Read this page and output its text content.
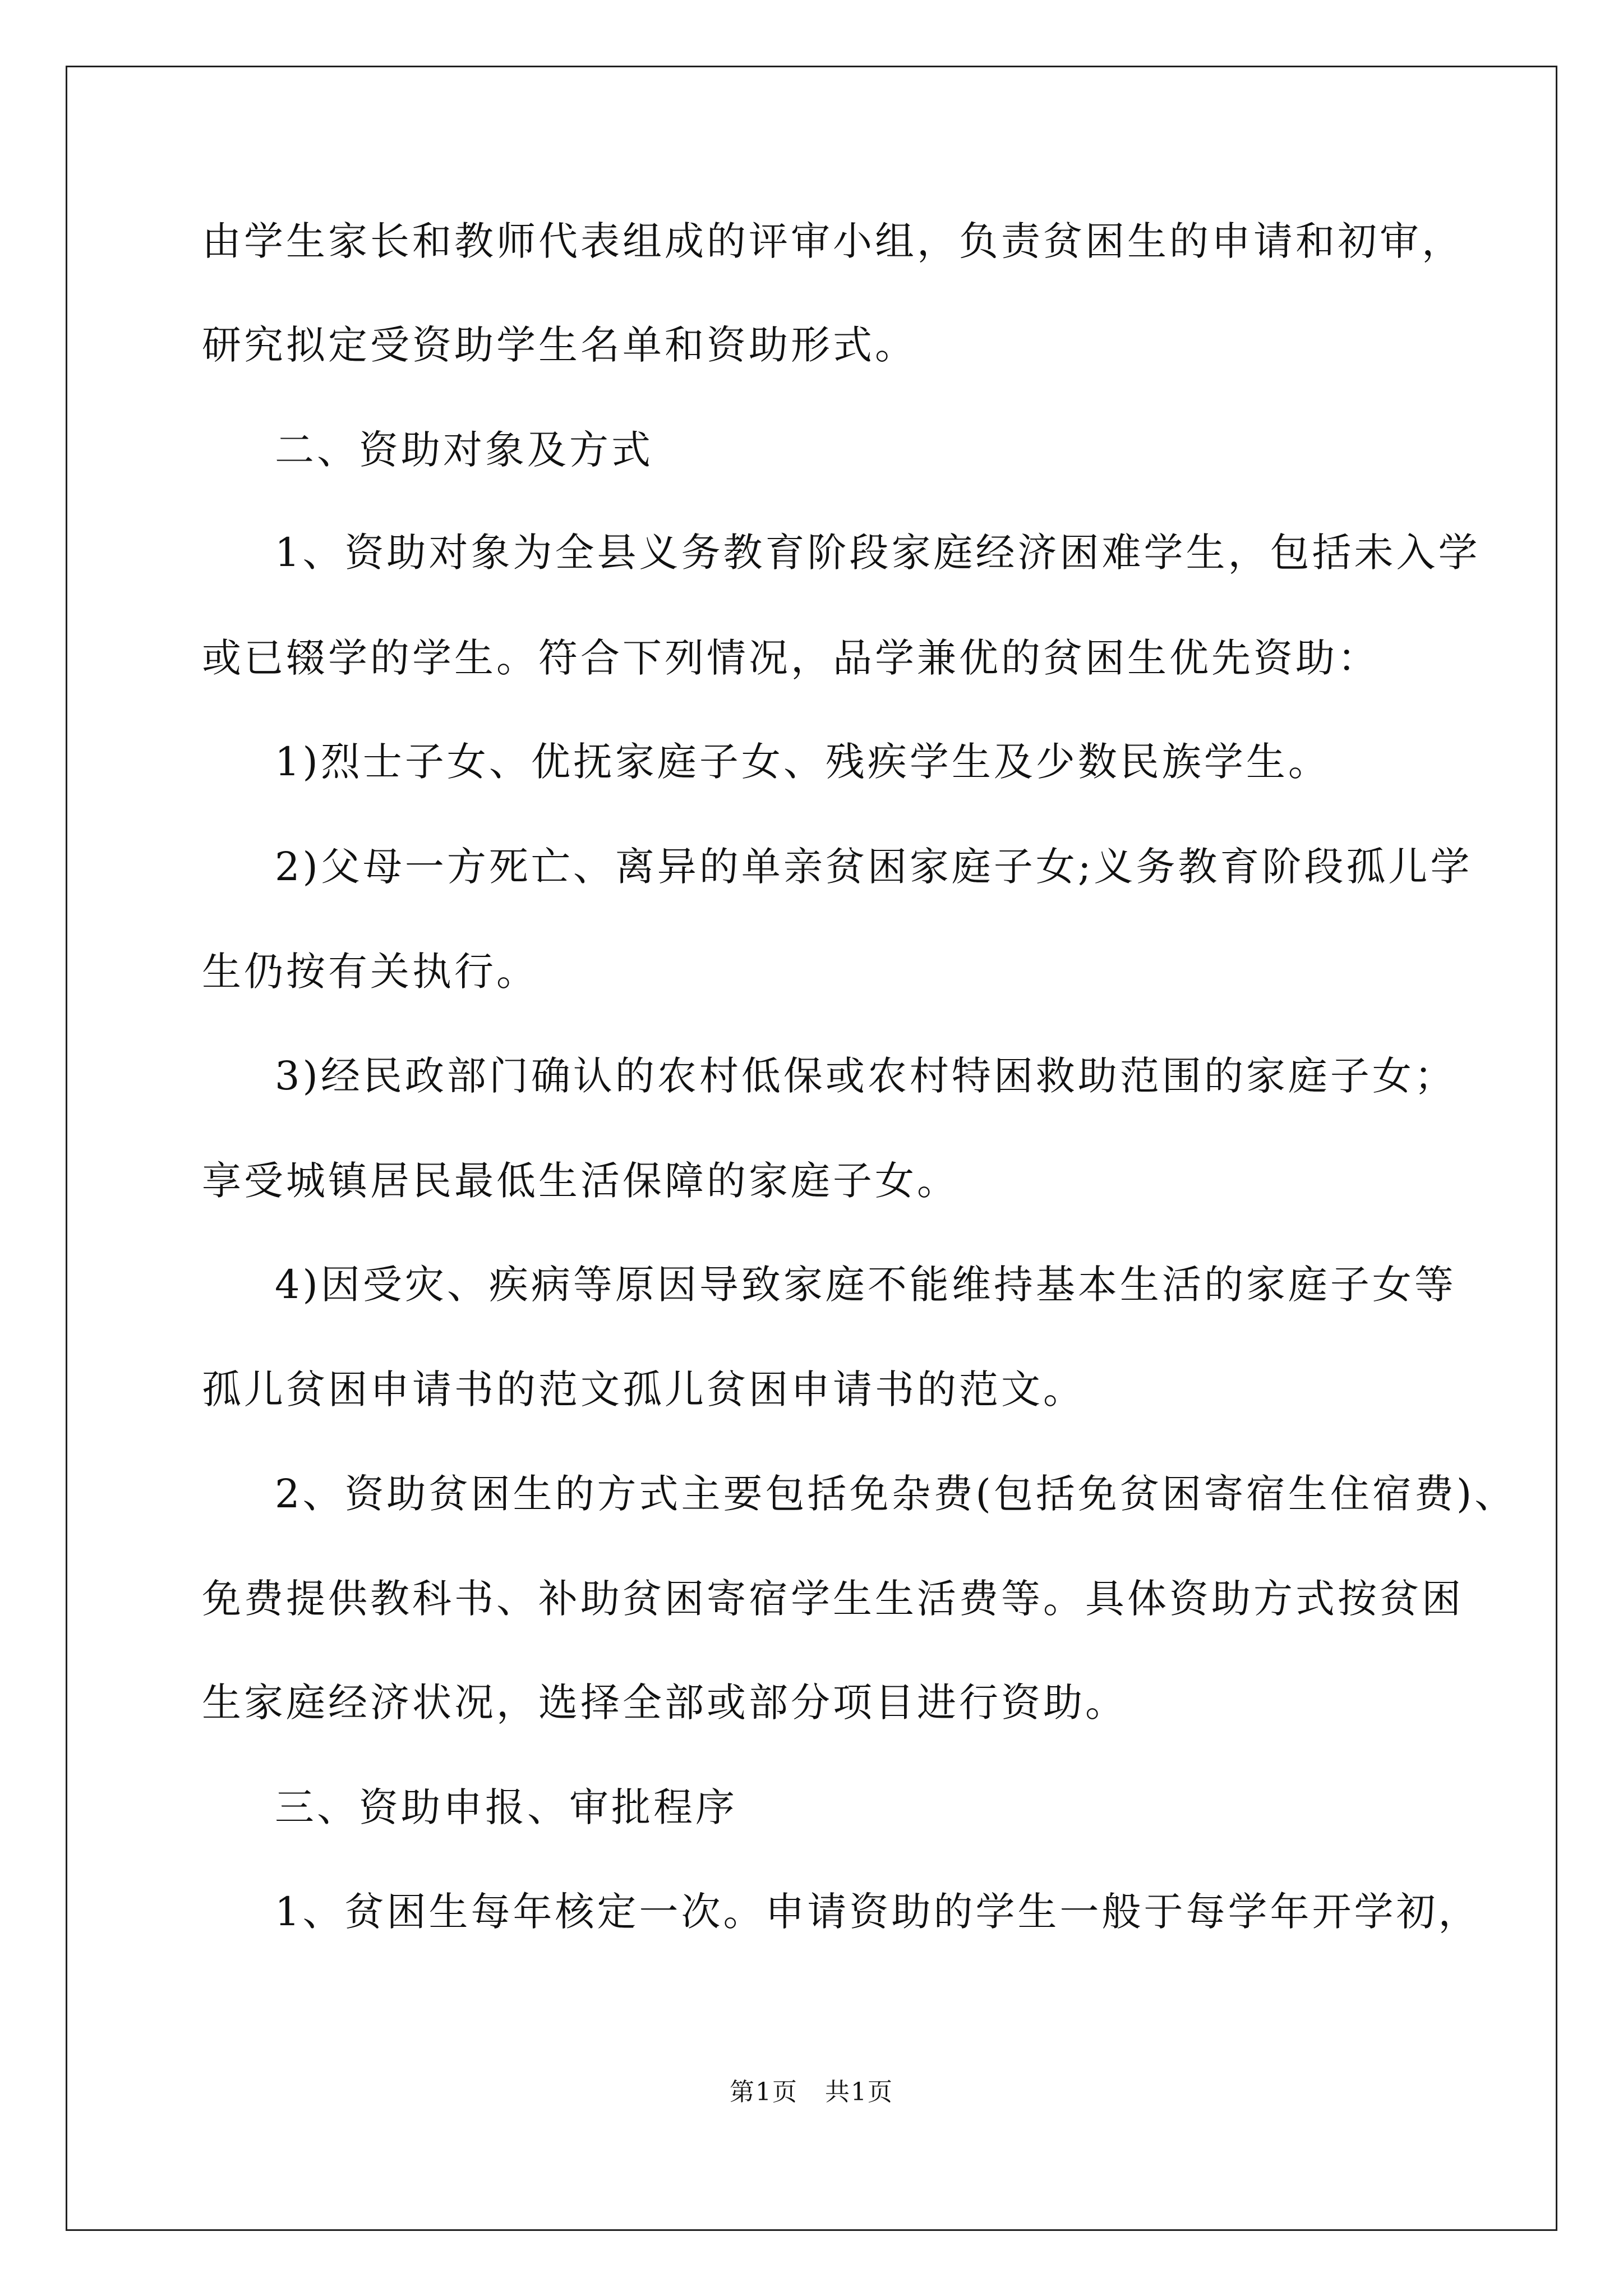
由学生家长和教师代表组成的评审小组，负责贫困生的申请和初审，
研究拟定受资助学生名单和资助形式。
二、资助对象及方式
1、资助对象为全县义务教育阶段家庭经济困难学生，包括未入学
或已辍学的学生。符合下列情况，品学兼优的贫困生优先资助：
1)烈士子女、优抚家庭子女、残疾学生及少数民族学生。
2)父母一方死亡、离异的单亲贫困家庭子女;义务教育阶段孤儿学
生仍按有关执行。
3)经民政部门确认的农村低保或农村特困救助范围的家庭子女；
享受城镇居民最低生活保障的家庭子女。
4)因受灾、疾病等原因导致家庭不能维持基本生活的家庭子女等
孤儿贫困申请书的范文孤儿贫困申请书的范文。
2、资助贫困生的方式主要包括免杂费(包括免贫困寄宿生住宿费)、
免费提供教科书、补助贫困寄宿学生生活费等。具体资助方式按贫困
生家庭经济状况，选择全部或部分项目进行资助。
三、资助申报、审批程序
1、贫困生每年核定一次。申请资助的学生一般于每学年开学初，
第1页   共1页
